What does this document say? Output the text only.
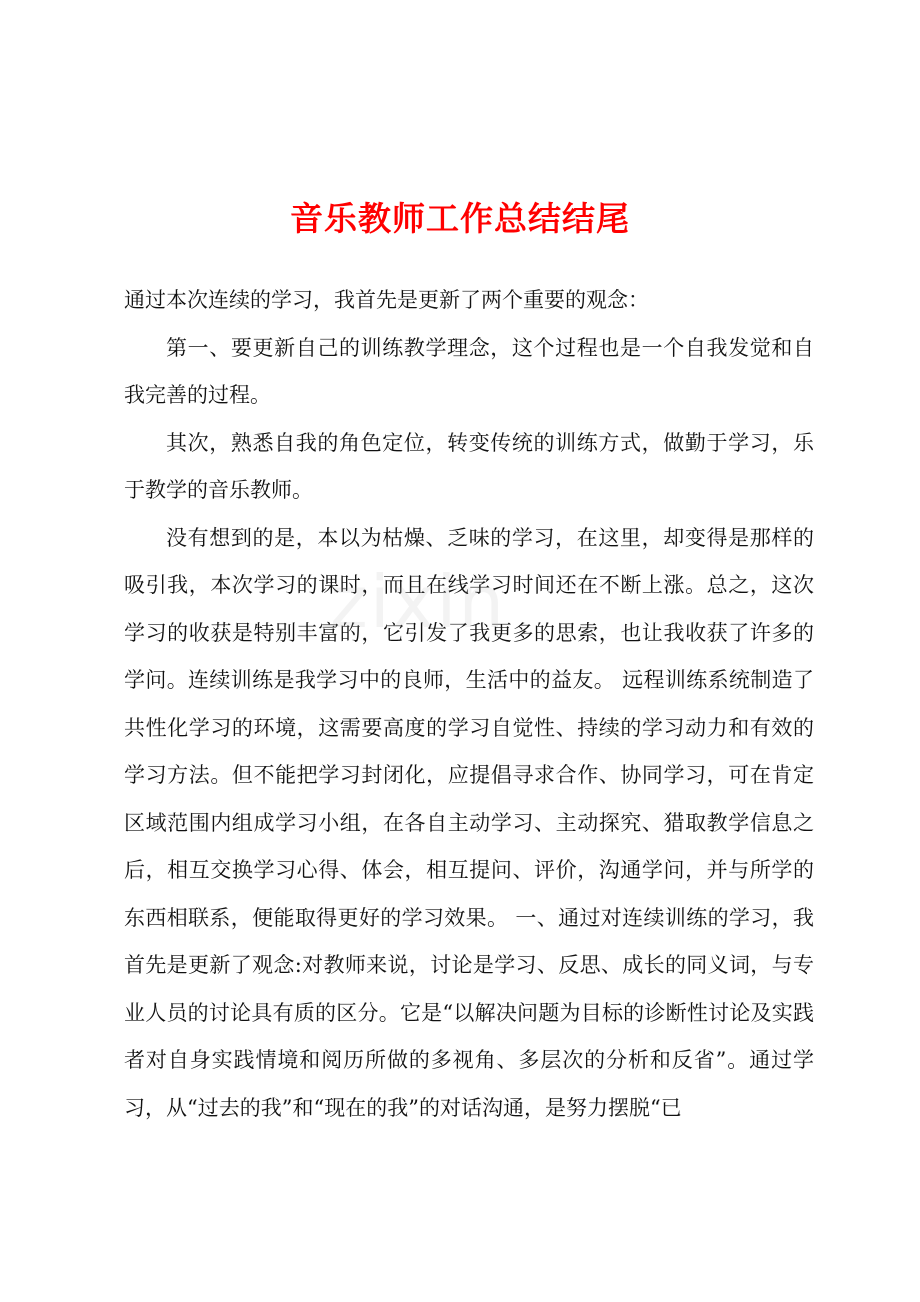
音乐教师工作总结结尾

通过本次连续的学习，我首先是更新了两个重要的观念：

第一、要更新自己的训练教学理念，这个过程也是一个自我发觉和自我完善的过程。

其次，熟悉自我的角色定位，转变传统的训练方式，做勤于学习，乐于教学的音乐教师。

没有想到的是，本以为枯燥、乏味的学习，在这里，却变得是那样的吸引我，本次学习的课时，而且在线学习时间还在不断上涨。总之，这次学习的收获是特别丰富的，它引发了我更多的思索，也让我收获了许多的学问。连续训练是我学习中的良师，生活中的益友。 远程训练系统制造了共性化学习的环境，这需要高度的学习自觉性、持续的学习动力和有效的学习方法。但不能把学习封闭化，应提倡寻求合作、协同学习，可在肯定区域范围内组成学习小组，在各自主动学习、主动探究、猎取教学信息之后，相互交换学习心得、体会，相互提问、评价，沟通学问，并与所学的东西相联系，便能取得更好的学习效果。 一、通过对连续训练的学习，我首先是更新了观念:对教师来说，讨论是学习、反思、成长的同义词，与专业人员的讨论具有质的区分。它是“以解决问题为目标的诊断性讨论及实践者对自身实践情境和阅历所做的多视角、多层次的分析和反省”。通过学习，从“过去的我”和“现在的我”的对话沟通，是努力摆脱“已

zixin
